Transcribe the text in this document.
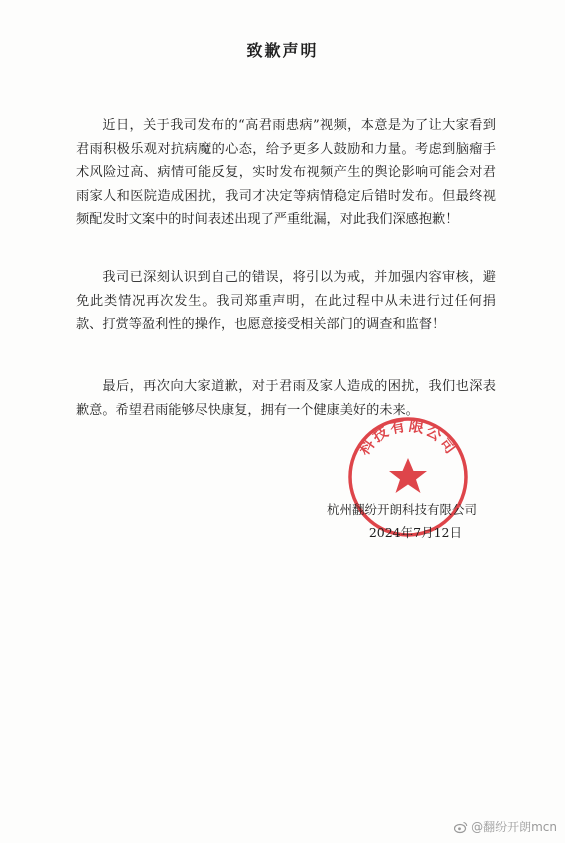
致歉声明
近日，关于我司发布的“高君雨患病”视频，本意是为了让大家看到君雨积极乐观对抗病魔的心态，给予更多人鼓励和力量。考虑到脑瘤手术风险过高、病情可能反复，实时发布视频产生的舆论影响可能会对君雨家人和医院造成困扰，我司才决定等病情稳定后错时发布。但最终视频配发时文案中的时间表述出现了严重纰漏，对此我们深感抱歉！
我司已深刻认识到自己的错误，将引以为戒，并加强内容审核，避免此类情况再次发生。我司郑重声明，在此过程中从未进行过任何捐款、打赏等盈利性的操作，也愿意接受相关部门的调查和监督！
最后，再次向大家道歉，对于君雨及家人造成的困扰，我们也深表歉意。希望君雨能够尽快康复，拥有一个健康美好的未来。
科技有限公司
杭州翻纷开朗科技有限公司
2024年7月12日
@翻纷开朗mcn
